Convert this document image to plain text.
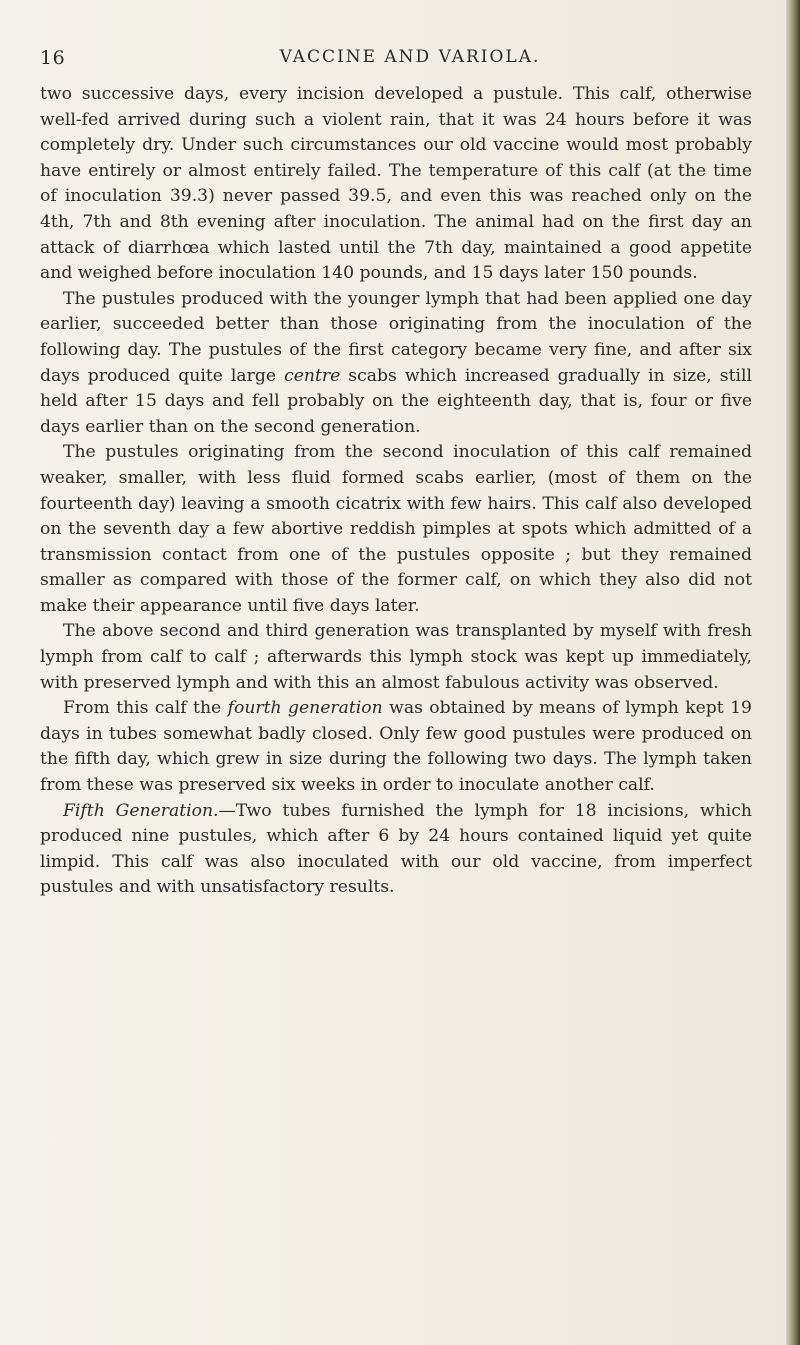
16	VACCINE AND VARIOLA.

two successive days, every incision developed a pustule. This calf, otherwise well-fed arrived during such a violent rain, that it was 24 hours before it was completely dry. Under such circumstances our old vaccine would most probably have entirely or almost entirely failed. The temperature of this calf (at the time of inoculation 39.3) never passed 39.5, and even this was reached only on the 4th, 7th and 8th evening after inoculation. The animal had on the first day an attack of diarrhœa which lasted until the 7th day, maintained a good appetite and weighed before inoculation 140 pounds, and 15 days later 150 pounds.

The pustules produced with the younger lymph that had been applied one day earlier, succeeded better than those originating from the inoculation of the following day. The pustules of the first category became very fine, and after six days produced quite large centre scabs which increased gradually in size, still held after 15 days and fell probably on the eighteenth day, that is, four or five days earlier than on the second generation.

The pustules originating from the second inoculation of this calf remained weaker, smaller, with less fluid formed scabs earlier, (most of them on the fourteenth day) leaving a smooth cicatrix with few hairs. This calf also developed on the seventh day a few abortive reddish pimples at spots which admitted of a transmission contact from one of the pustules opposite ; but they remained smaller as compared with those of the former calf, on which they also did not make their appearance until five days later.

The above second and third generation was transplanted by myself with fresh lymph from calf to calf ; afterwards this lymph stock was kept up immediately, with preserved lymph and with this an almost fabulous activity was observed.

From this calf the fourth generation was obtained by means of lymph kept 19 days in tubes somewhat badly closed. Only few good pustules were produced on the fifth day, which grew in size during the following two days. The lymph taken from these was preserved six weeks in order to inoculate another calf.

Fifth Generation.—Two tubes furnished the lymph for 18 incisions, which produced nine pustules, which after 6 by 24 hours contained liquid yet quite limpid. This calf was also inoculated with our old vaccine, from imperfect pustules and with unsatisfactory results.
